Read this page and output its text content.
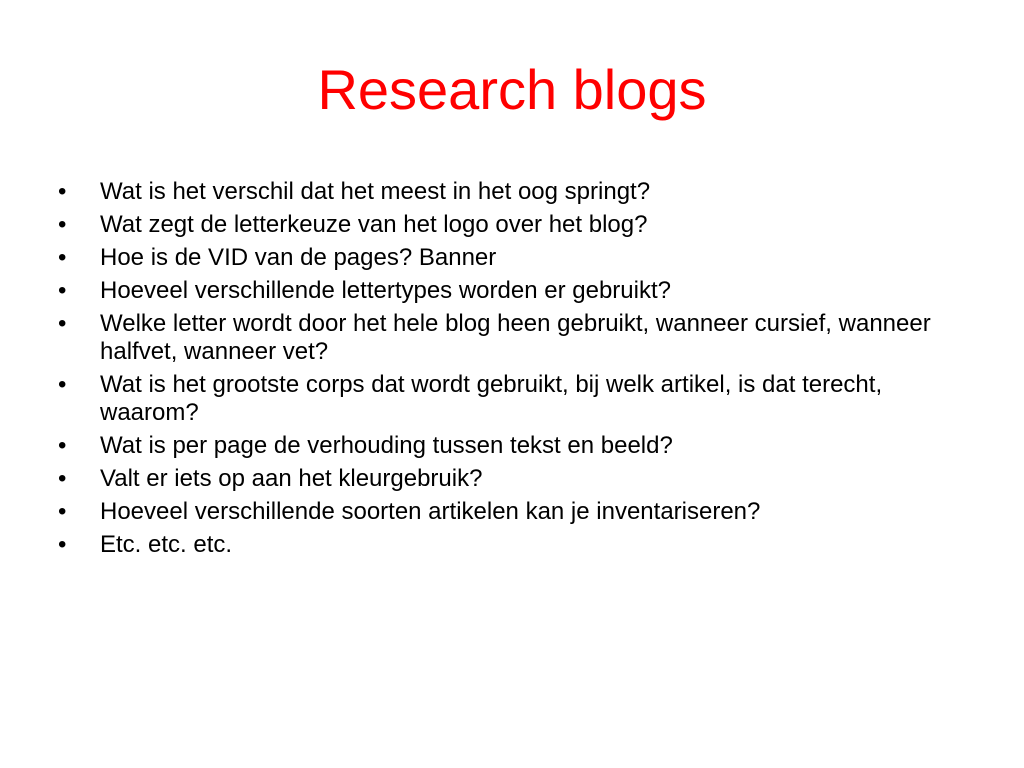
Research blogs
•	Wat is het verschil dat het meest in het oog springt?
•	Wat zegt de letterkeuze van het logo over het blog?
•	Hoe is de VID van de pages? Banner
•	Hoeveel verschillende lettertypes worden er gebruikt?
•	Welke letter wordt door het hele blog heen gebruikt, wanneer cursief, wanneer halfvet, wanneer vet?
•	Wat is het grootste corps dat wordt gebruikt, bij welk artikel, is dat terecht, waarom?
•	Wat is per page de verhouding tussen tekst en beeld?
•	Valt er iets op aan het kleurgebruik?
•	Hoeveel verschillende soorten artikelen kan je inventariseren?
•	Etc. etc. etc.
